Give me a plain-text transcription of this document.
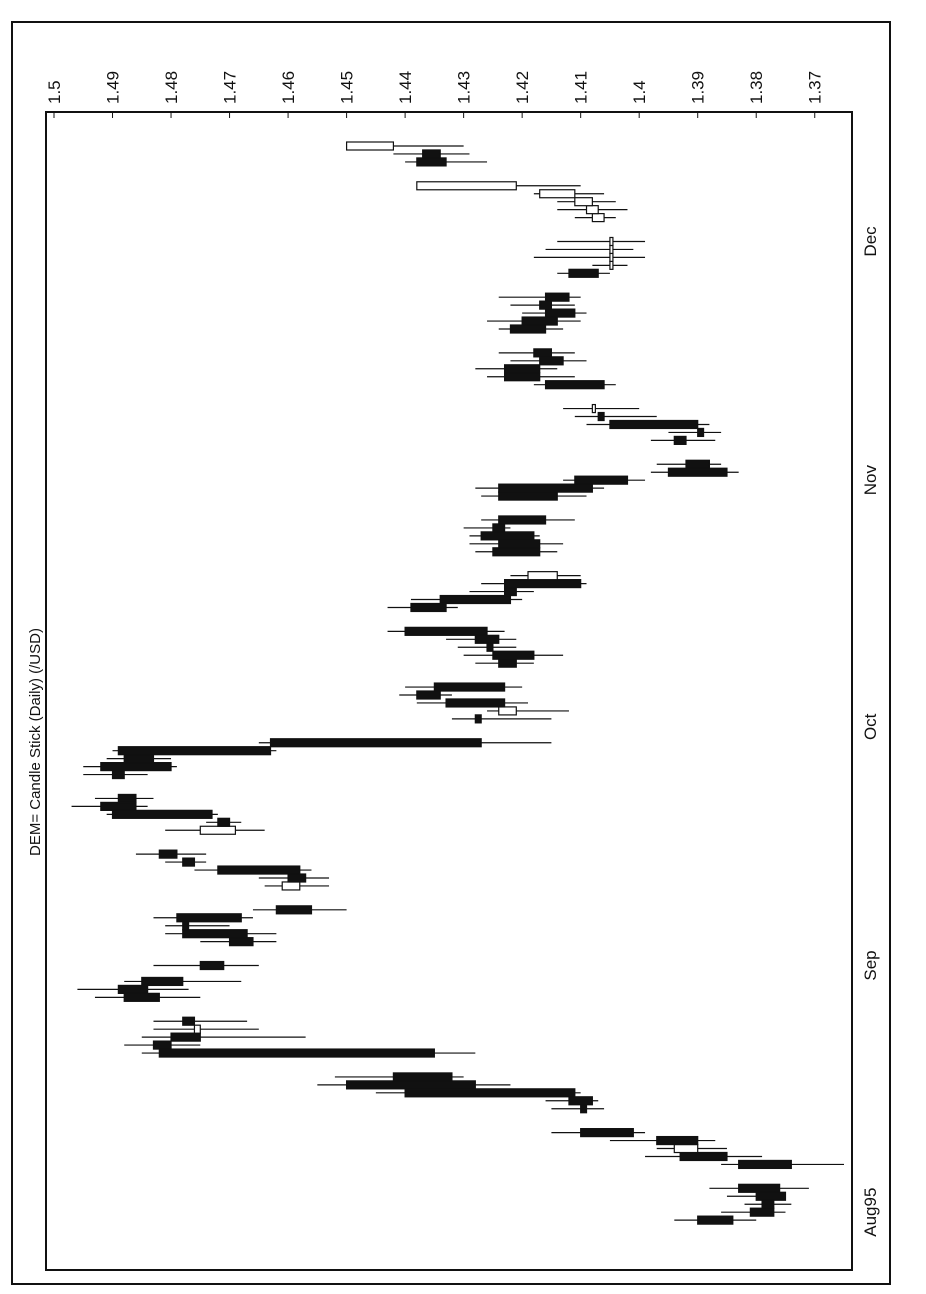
1.5 1.49 1.48 1.47 1.46 1.45 1.44 1.43 1.42 1.41 1.4 1.39 1.38 1.37
Aug95
Sep
Oct
Nov
Dec
DEM= Candle Stick (Daily) (/USD)
